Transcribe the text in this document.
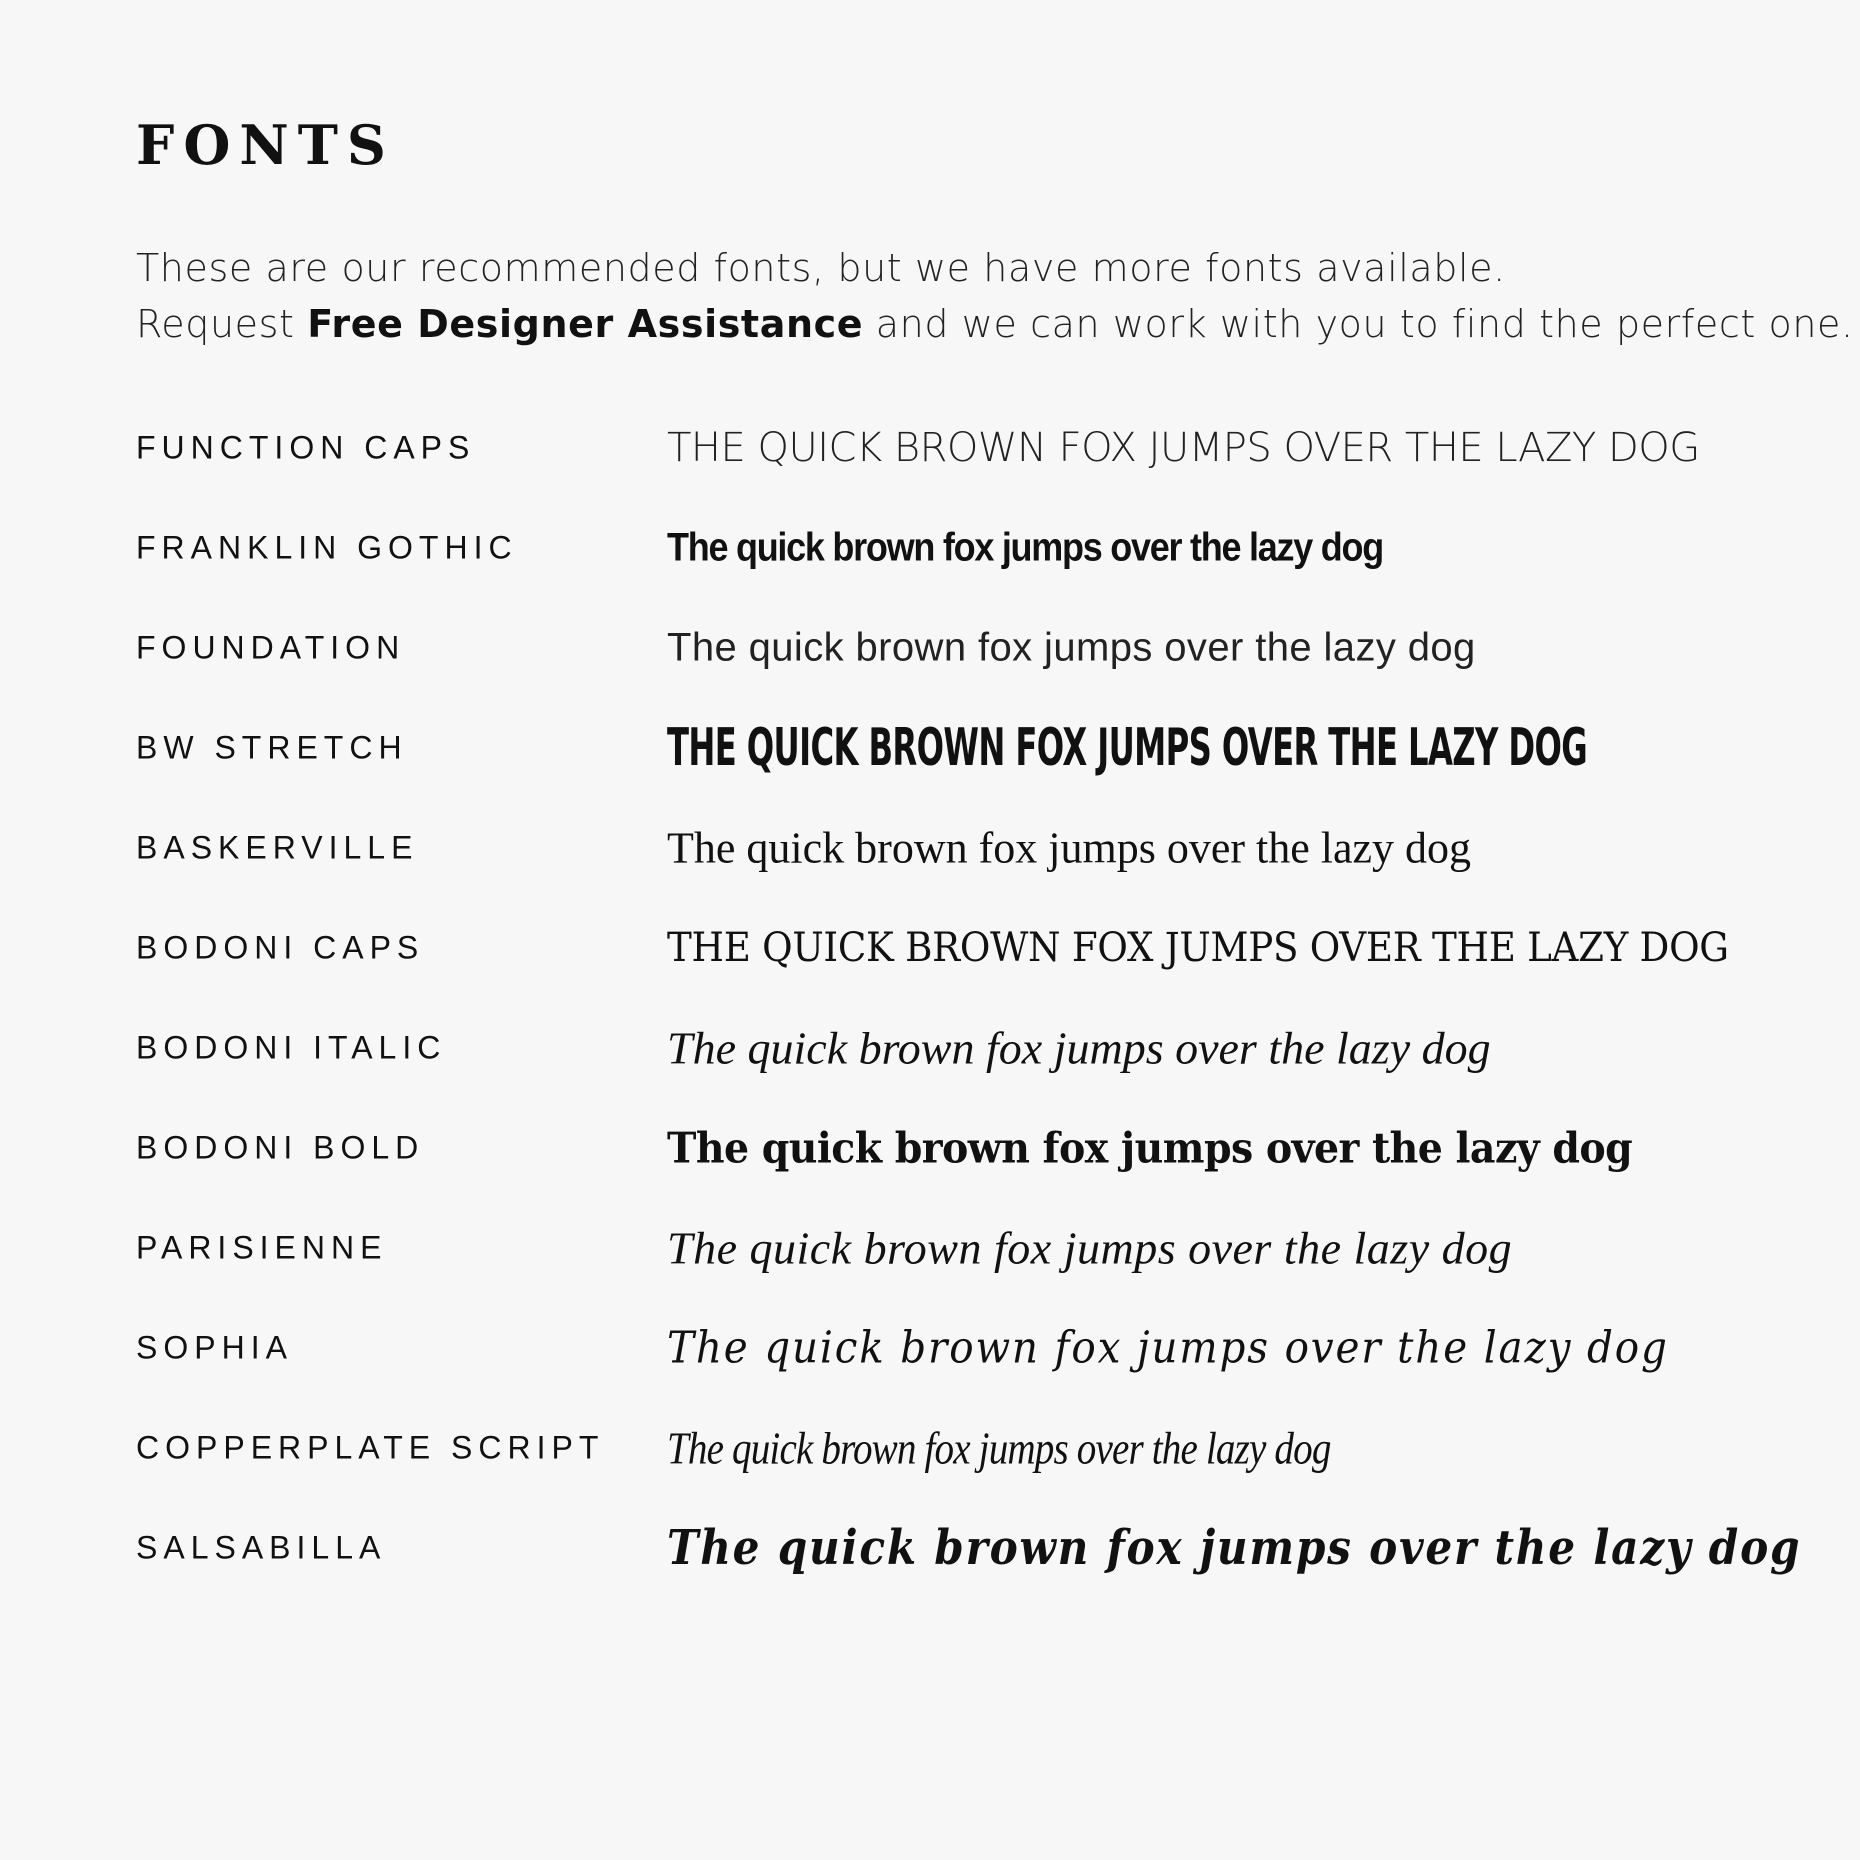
FONTS
These are our recommended fonts, but we have more fonts available.
Request Free Designer Assistance and we can work with you to find the perfect one.
FUNCTION CAPS	THE QUICK BROWN FOX JUMPS OVER THE LAZY DOG
FRANKLIN GOTHIC	The quick brown fox jumps over the lazy dog
FOUNDATION	The quick brown fox jumps over the lazy dog
BW STRETCH	THE QUICK BROWN FOX JUMPS OVER THE LAZY DOG
BASKERVILLE	The quick brown fox jumps over the lazy dog
BODONI CAPS	THE QUICK BROWN FOX JUMPS OVER THE LAZY DOG
BODONI ITALIC	The quick brown fox jumps over the lazy dog
BODONI BOLD	The quick brown fox jumps over the lazy dog
PARISIENNE	The quick brown fox jumps over the lazy dog
SOPHIA	The quick brown fox jumps over the lazy dog
COPPERPLATE SCRIPT The quick brown fox jumps over the lazy dog
SALSABILLA	The quick brown fox jumps over the lazy dog
